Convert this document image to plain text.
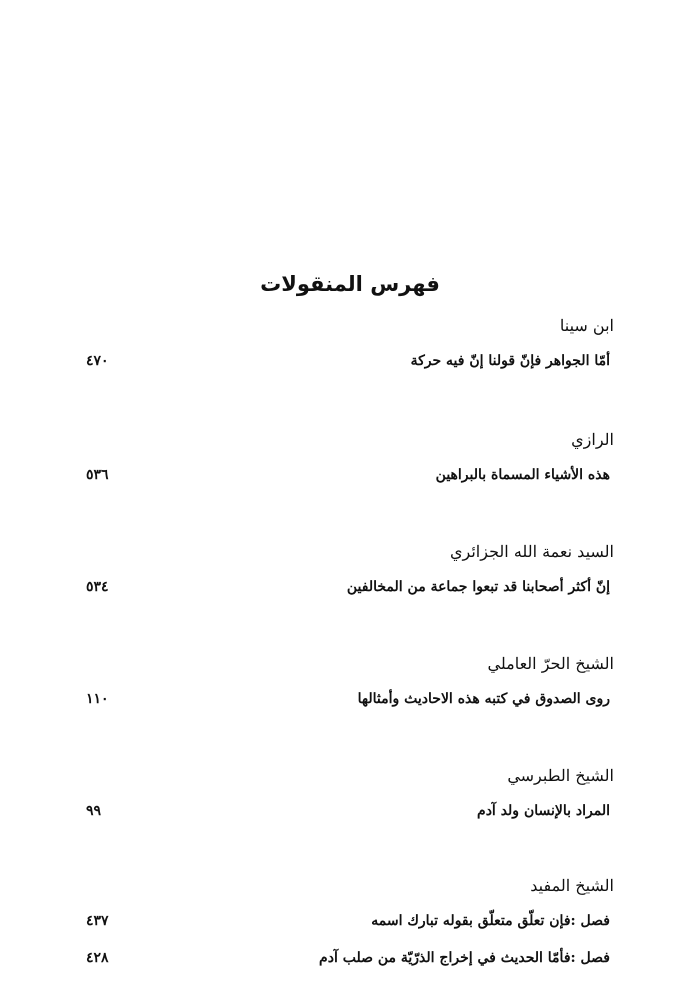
فهرس المنقولات
ابن سينا
أمّا الجواهر فإنّ قولنا إنّ فيه حركة
٤٧٠
الرازي
هذه الأشياء المسماة بالبراهين
٥٣٦
السيد نعمة الله الجزائري
إنّ أكثر أصحابنا قد تبعوا جماعة من المخالفين
٥٣٤
الشيخ الحرّ العاملي
روى الصدوق في كتبه هذه الاحاديث وأمثالها
١١٠
الشيخ الطبرسي
المراد بالإنسان ولد آدم
٩٩
الشيخ المفيد
فصل :فإن تعلّق متعلّق بقوله تبارك اسمه
٤٣٧
فصل :فأمّا الحديث في إخراج الذرّيّة من صلب آدم
٤٢٨
